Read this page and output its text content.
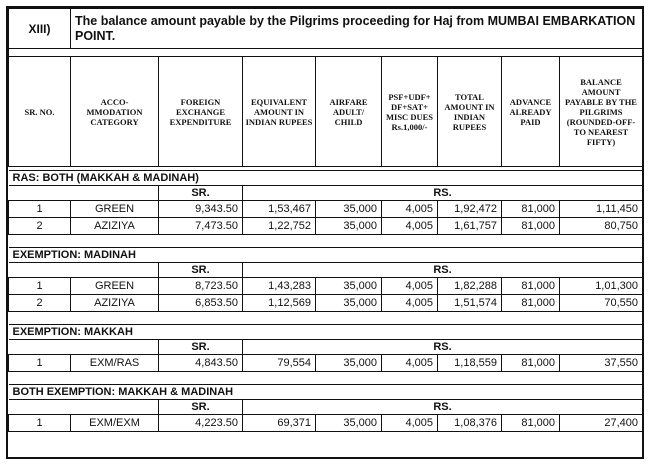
XIII)	The balance amount payable by the Pilgrims proceeding for Haj from MUMBAI EMBARKATION POINT.							

SR. NO.	ACCO-MMODATION CATEGORY	FOREIGN EXCHANGE EXPENDITURE	EQUIVALENT AMOUNT IN INDIAN RUPEES	AIRFARE ADULT/ CHILD	PSF+UDF+ DF+SAT+ MISC DUES Rs.1,000/-	TOTAL AMOUNT IN INDIAN RUPEES	ADVANCE ALREADY PAID	BALANCE AMOUNT PAYABLE BY THE PILGRIMS (ROUNDED-OFF-TO NEAREST FIFTY)

RAS: BOTH (MAKKAH & MADINAH)								
		SR.	RS.					
1	GREEN	9,343.50	1,53,467	35,000	4,005	1,92,472	81,000	1,11,450
2	AZIZIYA	7,473.50	1,22,752	35,000	4,005	1,61,757	81,000	80,750

EXEMPTION: MADINAH								
		SR.	RS.					
1	GREEN	8,723.50	1,43,283	35,000	4,005	1,82,288	81,000	1,01,300
2	AZIZIYA	6,853.50	1,12,569	35,000	4,005	1,51,574	81,000	70,550

EXEMPTION: MAKKAH								
		SR.	RS.					
1	EXM/RAS	4,843.50	79,554	35,000	4,005	1,18,559	81,000	37,550

BOTH EXEMPTION: MAKKAH & MADINAH								
		SR.	RS.					
1	EXM/EXM	4,223.50	69,371	35,000	4,005	1,08,376	81,000	27,400
